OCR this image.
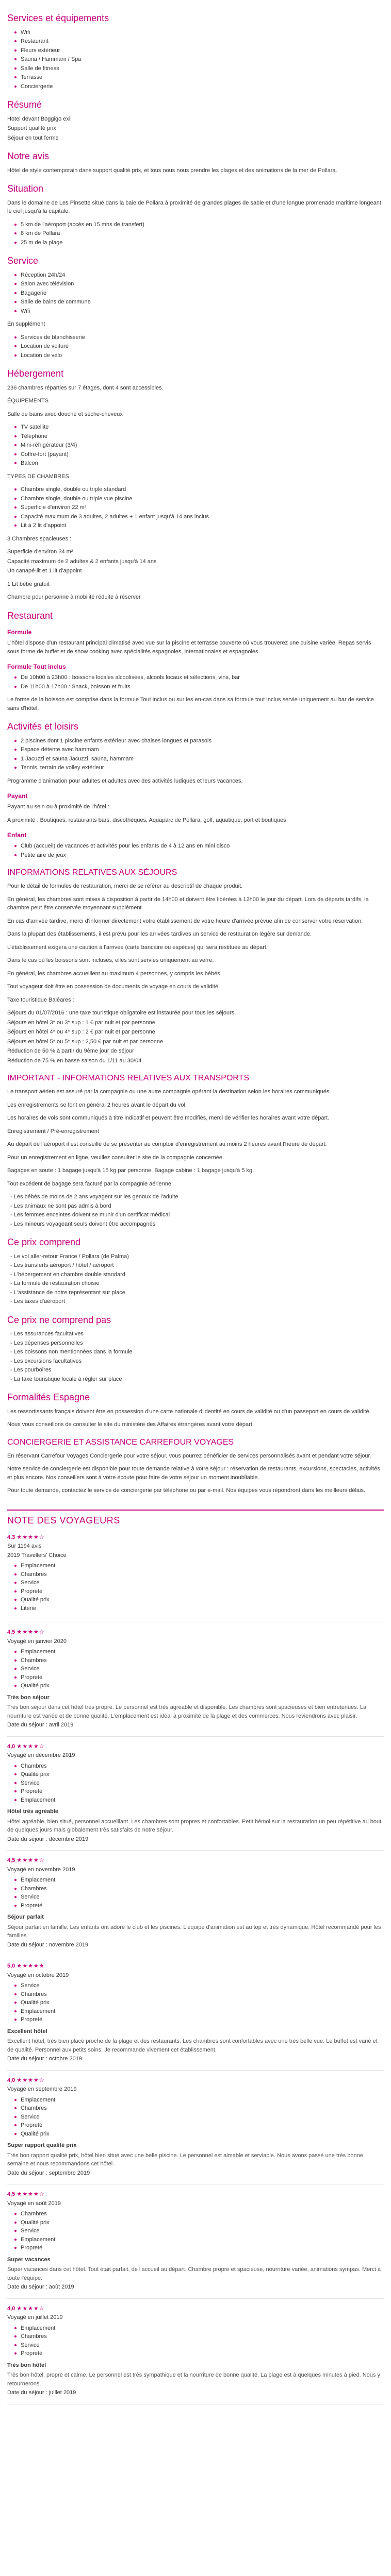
Services et équipements
Wifi
Restaurant
Fleurs extérieur
Sauna / Hammam / Spa
Salle de fitness
Terrasse
Conciergerie
Résumé

Hotel devant Boggigo exil

Support qualité prix

Séjour en tout ferme

Notre avis

Hôtel de style contemporain dans support qualité prix, et tous nous nous prendre les plages et des animations de la mer de Pollara.

Situation

Dans le domaine de Les Pinsette situé dans la baie de Pollara à proximité de grandes plages de sable et d'une longue promenade maritime longeant le ciel jusqu'à la capitale.

5 km de l'aéroport (accès en 15 mns de transfert)
8 km de Pollara
25 m de la plage
Service
Réception 24h/24
Salon avec télévision
Bagagerie
Salle de bains de commune
Wifi

En supplément

Services de blanchisserie
Location de voiture
Location de vélo
Hébergement

236 chambres réparties sur 7 étages, dont 4 sont accessibles.

ÉQUIPEMENTS

Salle de bains avec douche et sèche-cheveux

TV satellite
Téléphone
Mini-réfrigérateur (3/4)
Coffre-fort (payant)
Balcon

TYPES DE CHAMBRES

Chambre single, double ou triple standard
Chambre single, double ou triple vue piscine
Superficie d'environ 22 m²
Capacité maximum de 3 adultes, 2 adultes + 1 enfant jusqu'à 14 ans inclus
Lit à 2 lit d'appoint

3 Chambres spacieuses :

Superficie d'environ 34 m²

Capacité maximum de 2 adultes & 2 enfants jusqu'à 14 ans

Un canapé-lit et 1 lit d'appoint

1 Lit bébé gratuit

Chambre pour personne à mobilité réduite à réserver

Restaurant
Formule

L'hôtel dispose d'un restaurant principal climatisé avec vue sur la piscine et terrasse couverte où vous trouverez une cuisine variée. Repas servis sous forme de buffet et de show cooking avec spécialités espagnoles, internationales et espagnoles.

Formule Tout inclus
De 10h00 à 23h00 : boissons locales alcoolisées, alcools locaux et sélections, vins, bar
De 11h00 à 17h00 : Snack, boisson et fruits

Le forme de la boisson est comprise dans la formule Tout inclus ou sur les en-cas dans sa formule tout inclus servie uniquement au bar de service sans d'hôtel.

Activités et loisirs
2 piscines dont 1 piscine enfants extérieur avec chaises longues et parasols
Espace détente avec hammam
1 Jacuzzi et sauna Jacuzzi, sauna, hammam
Tennis, terrain de volley extérieur

Programme d'animation pour adultes et adultes avec des activités ludiques et leurs vacances.

Payant

Payant au sein ou à proximité de l'hôtel :

A proximité : Boutiques, restaurants bars, discothèques, Aquaparc de Pollara, golf, aquatique, port et boutiques

Enfant
Club (accueil) de vacances et activités pour les enfants de 4 à 12 ans en mini disco
Petite aire de jeux
INFORMATIONS RELATIVES AUX SÉJOURS

Pour le détail de formules de restauration, merci de se référer au descriptif de chaque produit.

En général, les chambres sont mises à disposition à partir de 14h00 et doivent être libérées à 12h00 le jour du départ. Lors de départs tardifs, la chambre peut être conservée moyennant supplément.

En cas d'arrivée tardive, merci d'informer directement votre établissement de votre heure d'arrivée prévue afin de conserver votre réservation.

Dans la plupart des établissements, il est prévu pour les arrivées tardives un service de restauration légère sur demande.

L'établissement exigera une caution à l'arrivée (carte bancaire ou espèces) qui sera restituée au départ.

Dans le cas où les boissons sont incluses, elles sont servies uniquement au verre.

En général, les chambres accueillent au maximum 4 personnes, y compris les bébés.

Tout voyageur doit être en possession de documents de voyage en cours de validité.

Taxe touristique Baléares :

Séjours du 01/07/2016 : une taxe touristique obligatoire est instaurée pour tous les séjours.

Séjours en hôtel 3* ou 3* sup : 1 € par nuit et par personne

Séjours en hôtel 4* ou 4* sup : 2 € par nuit et par personne

Séjours en hôtel 5* ou 5* sup : 2,50 € par nuit et par personne

Réduction de 50 % à partir du 9ème jour de séjour

Réduction de 75 % en basse saison du 1/11 au 30/04

IMPORTANT - INFORMATIONS RELATIVES AUX TRANSPORTS

Le transport aérien est assuré par la compagnie ou une autre compagnie opérant la destination selon les horaires communiqués.

Les enregistrements se font en général 2 heures avant le départ du vol.

Les horaires de vols sont communiqués à titre indicatif et peuvent être modifiés, merci de vérifier les horaires avant votre départ.

Enregistrement / Pré-enregistrement

Au départ de l'aéroport il est conseillé de se présenter au comptoir d'enregistrement au moins 2 heures avant l'heure de départ.

Pour un enregistrement en ligne, veuillez consulter le site de la compagnie concernée.

Bagages en soute : 1 bagage jusqu'à 15 kg par personne. Bagage cabine : 1 bagage jusqu'à 5 kg.

Tout excédent de bagage sera facturé par la compagnie aérienne.

- Les bébés de moins de 2 ans voyagent sur les genoux de l'adulte
- Les animaux ne sont pas admis à bord
- Les femmes enceintes doivent se munir d'un certificat médical
- Les mineurs voyageant seuls doivent être accompagnés
Ce prix comprend
- Le vol aller-retour France / Pollara (de Palma)
- Les transferts aéroport / hôtel / aéroport
- L'hébergement en chambre double standard
- La formule de restauration choisie
- L'assistance de notre représentant sur place
- Les taxes d'aéroport
Ce prix ne comprend pas
- Les assurances facultatives
- Les dépenses personnelles
- Les boissons non mentionnées dans la formule
- Les excursions facultatives
- Les pourboires
- La taxe touristique locale à régler sur place
Formalités Espagne

Les ressortissants français doivent être en possession d'une carte nationale d'identité en cours de validité ou d'un passeport en cours de validité.

Nous vous conseillons de consulter le site du ministère des Affaires étrangères avant votre départ.

CONCIERGERIE ET ASSISTANCE CARREFOUR VOYAGES

En réservant Carrefour Voyages Conciergerie pour votre séjour, vous pourrez bénéficier de services personnalisés avant et pendant votre séjour.

Notre service de conciergerie est disponible pour toute demande relative à votre séjour : réservation de restaurants, excursions, spectacles, activités et plus encore. Nos conseillers sont à votre écoute pour faire de votre séjour un moment inoubliable.

Pour toute demande, contactez le service de conciergerie par téléphone ou par e-mail. Nos équipes vous répondront dans les meilleurs délais.

NOTE DES VOYAGEURS
4.3 ★★★★☆
Sur 1194 avis
2019 Travellers' Choice
Emplacement
Chambres
Service
Propreté
Qualité prix
Literie
4,5 ★★★★☆
Voyagé en janvier 2020
Emplacement
Chambres
Service
Propreté
Qualité prix
Très bon séjour
Très bon séjour dans cet hôtel très propre. Le personnel est très agréable et disponible. Les chambres sont spacieuses et bien entretenues. La nourriture est variée et de bonne qualité. L'emplacement est idéal à proximité de la plage et des commerces. Nous reviendrons avec plaisir.
Date du séjour : avril 2019
4,0 ★★★★☆
Voyagé en décembre 2019
Chambres
Qualité prix
Service
Propreté
Emplacement
Hôtel très agréable
Hôtel agréable, bien situé, personnel accueillant. Les chambres sont propres et confortables. Petit bémol sur la restauration un peu répétitive au bout de quelques jours mais globalement très satisfaits de notre séjour.
Date du séjour : décembre 2019
4,5 ★★★★☆
Voyagé en novembre 2019
Emplacement
Chambres
Service
Propreté
Séjour parfait
Séjour parfait en famille. Les enfants ont adoré le club et les piscines. L'équipe d'animation est au top et très dynamique. Hôtel recommandé pour les familles.
Date du séjour : novembre 2019
5,0 ★★★★★
Voyagé en octobre 2019
Service
Chambres
Qualité prix
Emplacement
Propreté
Excellent hôtel
Excellent hôtel, très bien placé proche de la plage et des restaurants. Les chambres sont confortables avec une très belle vue. Le buffet est varié et de qualité. Personnel aux petits soins. Je recommande vivement cet établissement.
Date du séjour : octobre 2019
4,0 ★★★★☆
Voyagé en septembre 2019
Emplacement
Chambres
Service
Propreté
Qualité prix
Super rapport qualité prix
Très bon rapport qualité prix, hôtel bien situé avec une belle piscine. Le personnel est aimable et serviable. Nous avons passé une très bonne semaine et nous recommandons cet hôtel.
Date du séjour : septembre 2019
4,5 ★★★★☆
Voyagé en août 2019
Chambres
Qualité prix
Service
Emplacement
Propreté
Super vacances
Super vacances dans cet hôtel. Tout était parfait, de l'accueil au départ. Chambre propre et spacieuse, nourriture variée, animations sympas. Merci à toute l'équipe.
Date du séjour : août 2019
4,0 ★★★★☆
Voyagé en juillet 2019
Emplacement
Chambres
Service
Propreté
Très bon hôtel
Très bon hôtel, propre et calme. Le personnel est très sympathique et la nourriture de bonne qualité. La plage est à quelques minutes à pied. Nous y retournerons.
Date du séjour : juillet 2019
